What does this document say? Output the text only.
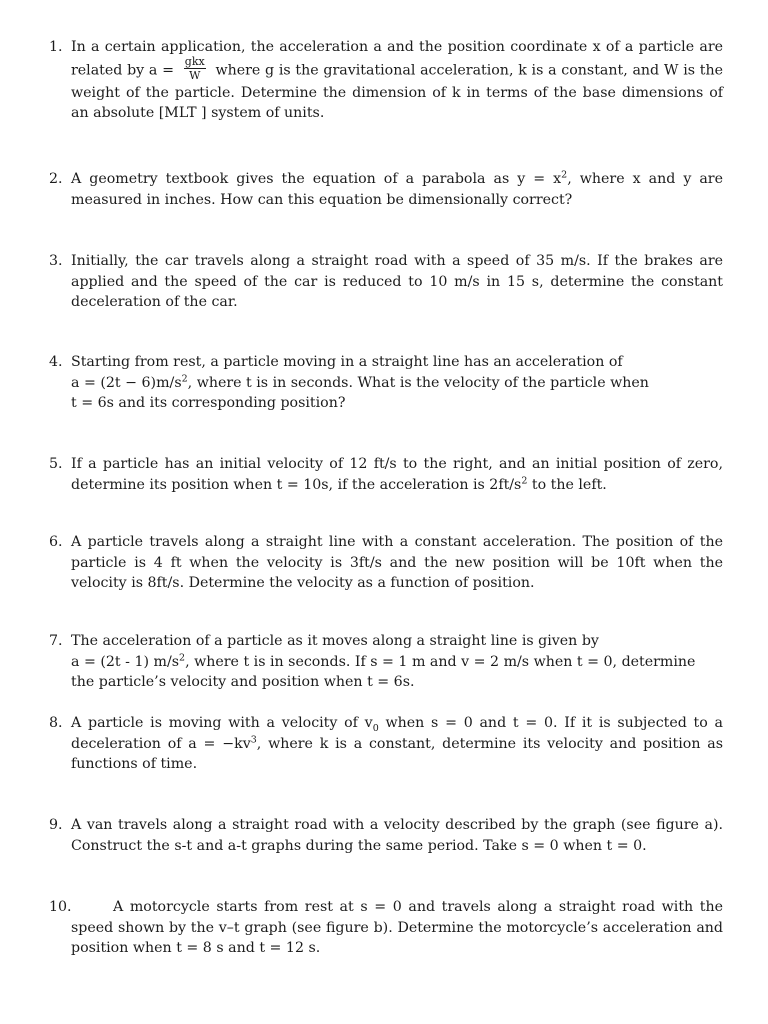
1. In a certain application, the acceleration a and the position coordinate x of a particle are related by $a = \frac{\text{gkx}}{W}$ where g is the gravitational acceleration, k is a constant, and W is the weight of the particle. Determine the dimension of k in terms of the base dimensions of an absolute [MLT ] system of units.
2. A geometry textbook gives the equation of a parabola as $y = x^2$, where x and y are measured in inches. How can this equation be dimensionally correct?
3. Initially, the car travels along a straight road with a speed of 35 m/s. If the brakes are applied and the speed of the car is reduced to 10 m/s in 15 s, determine the constant deceleration of the car.
4. Starting from rest, a particle moving in a straight line has an acceleration of
$a = (2t - 6)m/s^2$, where t is in seconds. What is the velocity of the particle when
t = 6s and its corresponding position?
5. If a particle has an initial velocity of 12 ft/s to the right, and an initial position of zero, determine its position when t = 10s, if the acceleration is $2ft/s^2$ to the left.
6. A particle travels along a straight line with a constant acceleration. The position of the particle is 4 ft when the velocity is 3ft/s and the new position will be 10ft when the velocity is 8ft/s. Determine the velocity as a function of position.
7. The acceleration of a particle as it moves along a straight line is given by
a = (2t - 1) $m/s^2$, where t is in seconds. If s = 1 m and v = 2 m/s when t = 0, determine
the particle’s velocity and position when t = 6s.
8. A particle is moving with a velocity of $v_0$ when s = 0 and t = 0. If it is subjected to a deceleration of $a = -kv^3$, where k is a constant, determine its velocity and position as functions of time.
9. A van travels along a straight road with a velocity described by the graph (see figure a). Construct the s-t and a-t graphs during the same period. Take s = 0 when t = 0.
10.	A motorcycle starts from rest at s = 0 and travels along a straight road with the speed shown by the v–t graph (see figure b). Determine the motorcycle’s acceleration and position when t = 8 s and t = 12 s.
